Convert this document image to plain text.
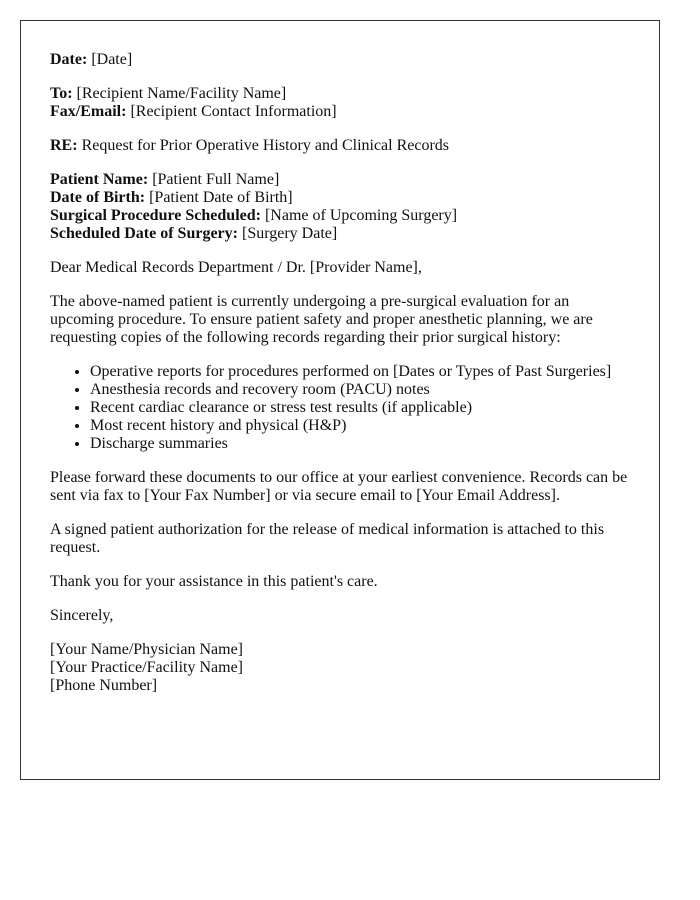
Date: [Date]
To: [Recipient Name/Facility Name]
Fax/Email: [Recipient Contact Information]
RE: Request for Prior Operative History and Clinical Records
Patient Name: [Patient Full Name]
Date of Birth: [Patient Date of Birth]
Surgical Procedure Scheduled: [Name of Upcoming Surgery]
Scheduled Date of Surgery: [Surgery Date]

Dear Medical Records Department / Dr. [Provider Name],

The above-named patient is currently undergoing a pre-surgical evaluation for an upcoming procedure. To ensure patient safety and proper anesthetic planning, we are requesting copies of the following records regarding their prior surgical history:

• Operative reports for procedures performed on [Dates or Types of Past Surgeries]
• Anesthesia records and recovery room (PACU) notes
• Recent cardiac clearance or stress test results (if applicable)
• Most recent history and physical (H&P)
• Discharge summaries

Please forward these documents to our office at your earliest convenience. Records can be sent via fax to [Your Fax Number] or via secure email to [Your Email Address].

A signed patient authorization for the release of medical information is attached to this request.

Thank you for your assistance in this patient's care.

Sincerely,

[Your Name/Physician Name]
[Your Practice/Facility Name]
[Phone Number]
